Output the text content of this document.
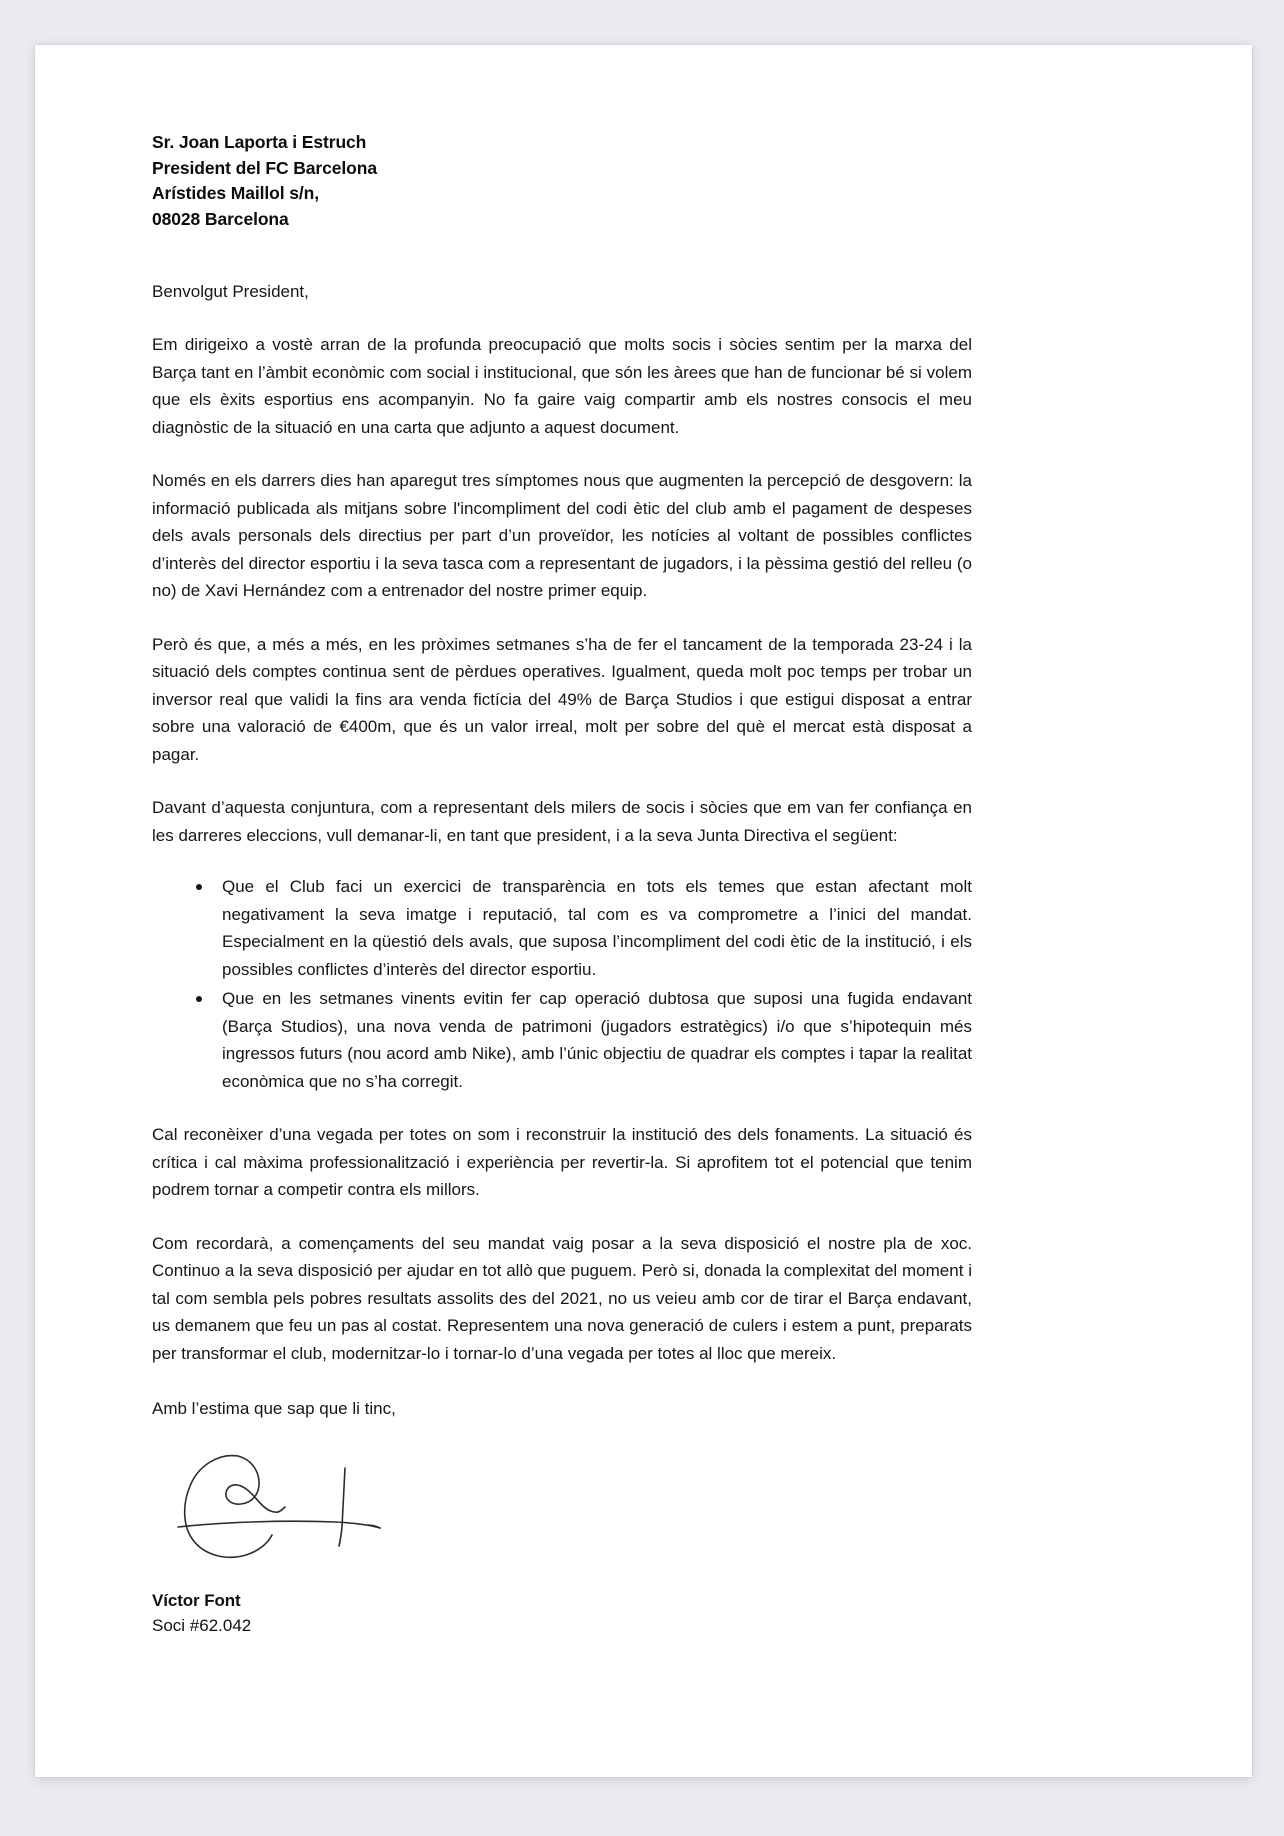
Sr. Joan Laporta i Estruch
President del FC Barcelona
Arístides Maillol s/n,
08028 Barcelona

Benvolgut President,

Em dirigeixo a vostè arran de la profunda preocupació que molts socis i sòcies sentim per la marxa del Barça tant en l’àmbit econòmic com social i institucional, que són les àrees que han de funcionar bé si volem que els èxits esportius ens acompanyin. No fa gaire vaig compartir amb els nostres consocis el meu diagnòstic de la situació en una carta que adjunto a aquest document.

Només en els darrers dies han aparegut tres símptomes nous que augmenten la percepció de desgovern: la informació publicada als mitjans sobre l'incompliment del codi ètic del club amb el pagament de despeses dels avals personals dels directius per part d’un proveïdor, les notícies al voltant de possibles conflictes d’interès del director esportiu i la seva tasca com a representant de jugadors, i la pèssima gestió del relleu (o no) de Xavi Hernández com a entrenador del nostre primer equip.

Però és que, a més a més, en les pròximes setmanes s’ha de fer el tancament de la temporada 23-24 i la situació dels comptes continua sent de pèrdues operatives. Igualment, queda molt poc temps per trobar un inversor real que validi la fins ara venda fictícia del 49% de Barça Studios i que estigui disposat a entrar sobre una valoració de €400m, que és un valor irreal, molt per sobre del què el mercat està disposat a pagar.

Davant d’aquesta conjuntura, com a representant dels milers de socis i sòcies que em van fer confiança en les darreres eleccions, vull demanar-li, en tant que president, i a la seva Junta Directiva el següent:

Que el Club faci un exercici de transparència en tots els temes que estan afectant molt negativament la seva imatge i reputació, tal com es va comprometre a l’inici del mandat. Especialment en la qüestió dels avals, que suposa l’incompliment del codi ètic de la institució, i els possibles conflictes d’interès del director esportiu.
Que en les setmanes vinents evitin fer cap operació dubtosa que suposi una fugida endavant (Barça Studios), una nova venda de patrimoni (jugadors estratègics) i/o que s’hipotequin més ingressos futurs (nou acord amb Nike), amb l’únic objectiu de quadrar els comptes i tapar la realitat econòmica que no s’ha corregit.

Cal reconèixer d’una vegada per totes on som i reconstruir la institució des dels fonaments. La situació és crítica i cal màxima professionalització i experiència per revertir-la. Si aprofitem tot el potencial que tenim podrem tornar a competir contra els millors.

Com recordarà, a començaments del seu mandat vaig posar a la seva disposició el nostre pla de xoc. Continuo a la seva disposició per ajudar en tot allò que puguem. Però si, donada la complexitat del moment i tal com sembla pels pobres resultats assolits des del 2021, no us veieu amb cor de tirar el Barça endavant, us demanem que feu un pas al costat. Representem una nova generació de culers i estem a punt, preparats per transformar el club, modernitzar-lo i tornar-lo d’una vegada per totes al lloc que mereix.

Amb l’estima que sap que li tinc,

Víctor Font
Soci #62.042
